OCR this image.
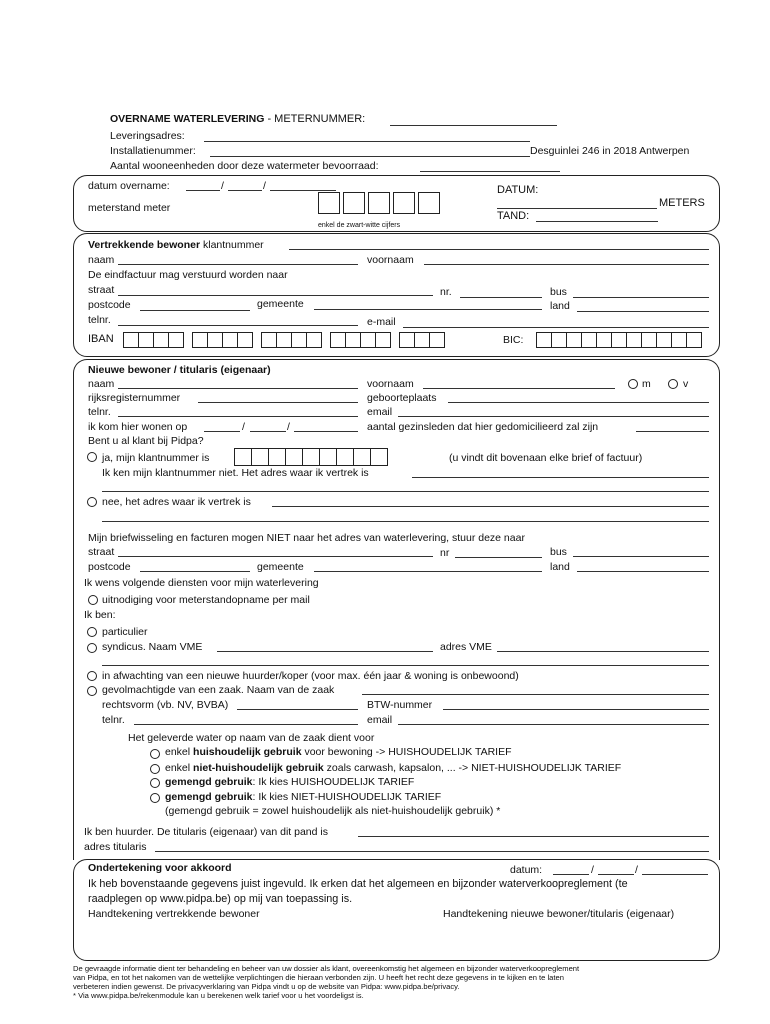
OVERNAME WATERLEVERING - METERNUMMER:
Leveringsadres:
Installatienummer:	Desguinlei 246 in 2018 Antwerpen
Aantal wooneenheden door deze watermeter bevoorraad:
datum overname:	/	/
meterstand meter
enkel de zwart-witte cijfers
DATUM:
METERS
TAND:
Vertrekkende bewoner klantnummer
naam	voornaam
De eindfactuur mag verstuurd worden naar
straat	nr.	bus
postcode	gemeente	land
telnr.	e-mail
IBAN	BIC:
Nieuwe bewoner / titularis (eigenaar)
naam	voornaam	m	v
rijksregisternummer	geboorteplaats
telnr.	email
ik kom hier wonen op	/	/	aantal gezinsleden dat hier gedomicilieerd zal zijn
Bent u al klant bij Pidpa?
ja, mijn klantnummer is	(u vindt dit bovenaan elke brief of factuur)
Ik ken mijn klantnummer niet. Het adres waar ik vertrek is
nee, het adres waar ik vertrek is
Mijn briefwisseling en facturen mogen NIET naar het adres van waterlevering, stuur deze naar
straat	nr	bus
postcode	gemeente	land
Ik wens volgende diensten voor mijn waterlevering
uitnodiging voor meterstandopname per mail
Ik ben:
particulier
syndicus. Naam VME	adres VME
in afwachting van een nieuwe huurder/koper (voor max. één jaar & woning is onbewoond)
gevolmachtigde van een zaak. Naam van de zaak
rechtsvorm (vb. NV, BVBA)	BTW-nummer
telnr.	email
Het geleverde water op naam van de zaak dient voor
enkel huishoudelijk gebruik voor bewoning -> HUISHOUDELIJK TARIEF
enkel niet-huishoudelijk gebruik zoals carwash, kapsalon, ... -> NIET-HUISHOUDELIJK TARIEF
gemengd gebruik: Ik kies HUISHOUDELIJK TARIEF
gemengd gebruik: Ik kies NIET-HUISHOUDELIJK TARIEF
(gemengd gebruik = zowel huishoudelijk als niet-huishoudelijk gebruik) *
Ik ben huurder. De titularis (eigenaar) van dit pand is
adres titularis
Ondertekening voor akkoord	datum:	/	/
Ik heb bovenstaande gegevens juist ingevuld. Ik erken dat het algemeen en bijzonder waterverkoopreglement (te
raadplegen op www.pidpa.be) op mij van toepassing is.
Handtekening vertrekkende bewoner	Handtekening nieuwe bewoner/titularis (eigenaar)
De gevraagde informatie dient ter behandeling en beheer van uw dossier als klant, overeenkomstig het algemeen en bijzonder waterverkoopreglement
van Pidpa, en tot het nakomen van de wettelijke verplichtingen die hieraan verbonden zijn. U heeft het recht deze gegevens in te kijken en te laten
verbeteren indien gewenst. De privacyverklaring van Pidpa vindt u op de website van Pidpa: www.pidpa.be/privacy.
* Via www.pidpa.be/rekenmodule kan u berekenen welk tarief voor u het voordeligst is.
